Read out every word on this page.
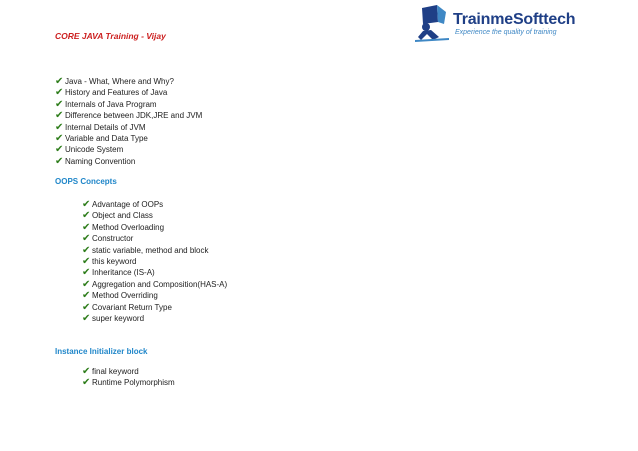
CORE JAVA Training - Vijay
TrainmeSofttech
Experience the quality of training
✔ Java - What, Where and Why?
✔ History and Features of Java
✔ Internals of Java Program
✔ Difference between JDK,JRE and JVM
✔ Internal Details of JVM
✔ Variable and Data Type
✔ Unicode System
✔ Naming Convention
OOPS Concepts
✔ Advantage of OOPs
✔ Object and Class
✔ Method Overloading
✔ Constructor
✔ static variable, method and block
✔ this keyword
✔ Inheritance (IS-A)
✔ Aggregation and Composition(HAS-A)
✔ Method Overriding
✔ Covariant Return Type
✔ super keyword
Instance Initializer block
✔ final keyword
✔ Runtime Polymorphism
